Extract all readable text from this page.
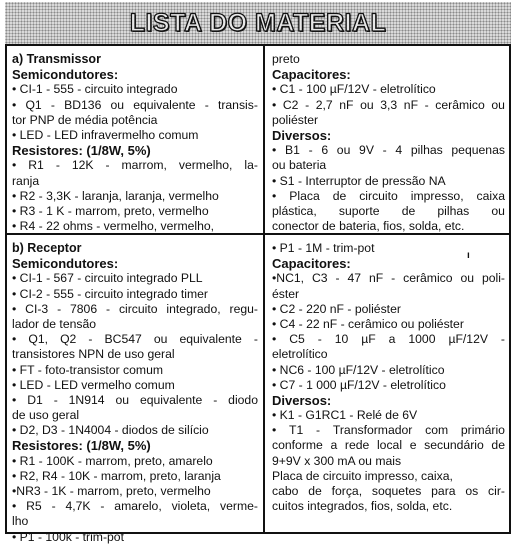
LISTA DO MATERIAL
a) Transmissor
Semicondutores:
• CI-1 - 555 - circuito integrado
• Q1 - BD136 ou equivalente - transis-
tor PNP de média potência
• LED - LED infravermelho comum
Resistores: (1/8W, 5%)
• R1 - 12K - marrom, vermelho, la-
ranja
• R2 - 3,3K - laranja, laranja, vermelho
• R3 - 1 K - marrom, preto, vermelho
• R4 - 22 ohms - vermelho, vermelho,
preto
Capacitores:
• C1 - 100 µF/12V - eletrolítico
• C2 - 2,7 nF ou 3,3 nF - cerâmico ou
poliéster
Diversos:
• B1 - 6 ou 9V - 4 pilhas pequenas
ou bateria
• S1 - Interruptor de pressão NA
• Placa de circuito impresso, caixa
plástica, suporte de pilhas ou
conector de bateria, fios, solda, etc.
b) Receptor
Semicondutores:
• CI-1 - 567 - circuito integrado PLL
• CI-2 - 555 - circuito integrado timer
• CI-3 - 7806 - circuito integrado, regu-
lador de tensão
• Q1, Q2 - BC547 ou equivalente -
transistores NPN de uso geral
• FT - foto-transistor comum
• LED - LED vermelho comum
• D1 - 1N914 ou equivalente - diodo
de uso geral
• D2, D3 - 1N4004 - diodos de silício
Resistores: (1/8W, 5%)
• R1 - 100K - marrom, preto, amarelo
• R2, R4 - 10K - marrom, preto, laranja
•NR3 - 1K - marrom, preto, vermelho
• R5 - 4,7K - amarelo, violeta, verme-
lho
• P1 - 100k - trim-pot
• P1 - 1M - trim-pot
Capacitores:
•NC1, C3 - 47 nF - cerâmico ou poli-
éster
• C2 - 220 nF - poliéster
• C4 - 22 nF - cerâmico ou poliéster
• C5 - 10 µF a 1000 µF/12V -
eletrolítico
• NC6 - 100 µF/12V - eletrolítico
• C7 - 1 000 µF/12V - eletrolítico
Diversos:
• K1 - G1RC1 - Relé de 6V
• T1 - Transformador com primário
conforme a rede local e secundário de
9+9V x 300 mA ou mais
Placa de circuito impresso, caixa,
cabo de força, soquetes para os cir-
cuitos integrados, fios, solda, etc.
ı
